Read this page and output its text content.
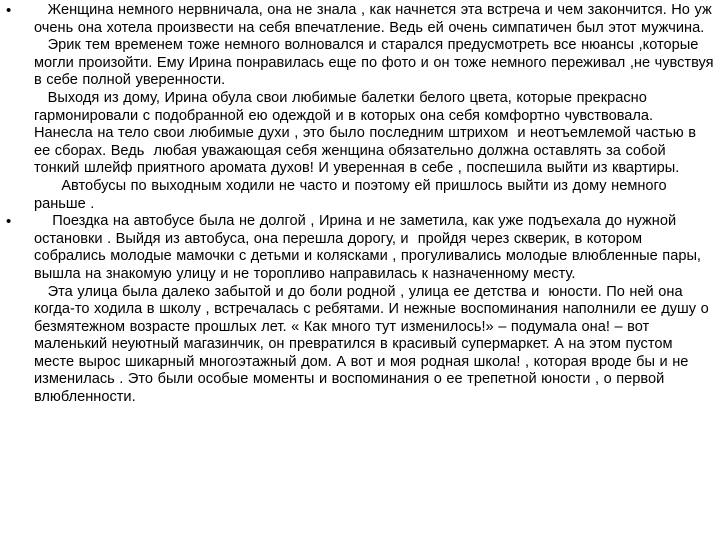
• Женщина немного нервничала, она не знала , как начнется эта встреча и чем закончится. Но уж очень она хотела произвести на себя впечатление. Ведь ей очень симпатичен был этот мужчина.
Эрик тем временем тоже немного волновался и старался предусмотреть все нюансы ,которые могли произойти. Ему Ирина понравилась еще по фото и он тоже немного переживал ,не чувствуя в себе полной уверенности.
Выходя из дому, Ирина обула свои любимые балетки белого цвета, которые прекрасно гармонировали с подобранной ею одеждой и в которых она себя комфортно чувствовала. Нанесла на тело свои любимые духи , это было последним штрихом  и неотъемлемой частью в ее сборах. Ведь  любая уважающая себя женщина обязательно должна оставлять за собой тонкий шлейф приятного аромата духов! И уверенная в себе , поспешила выйти из квартиры.
Автобусы по выходным ходили не часто и поэтому ей пришлось выйти из дому немного раньше .
• Поездка на автобусе была не долгой , Ирина и не заметила, как уже подъехала до нужной остановки . Выйдя из автобуса, она перешла дорогу, и  пройдя через скверик, в котором собрались молодые мамочки с детьми и колясками , прогуливались молодые влюбленные пары, вышла на знакомую улицу и не торопливо направилась к назначенному месту.
Эта улица была далеко забытой и до боли родной , улица ее детства и  юности. По ней она когда-то ходила в школу , встречалась с ребятами. И нежные воспоминания наполнили ее душу о безмятежном возрасте прошлых лет. « Как много тут изменилось!» – подумала она! – вот маленький неуютный магазинчик, он превратился в красивый супермаркет. А на этом пустом месте вырос шикарный многоэтажный дом. А вот и моя родная школа! , которая вроде бы и не изменилась . Это были особые моменты и воспоминания о ее трепетной юности , о первой влюбленности.
